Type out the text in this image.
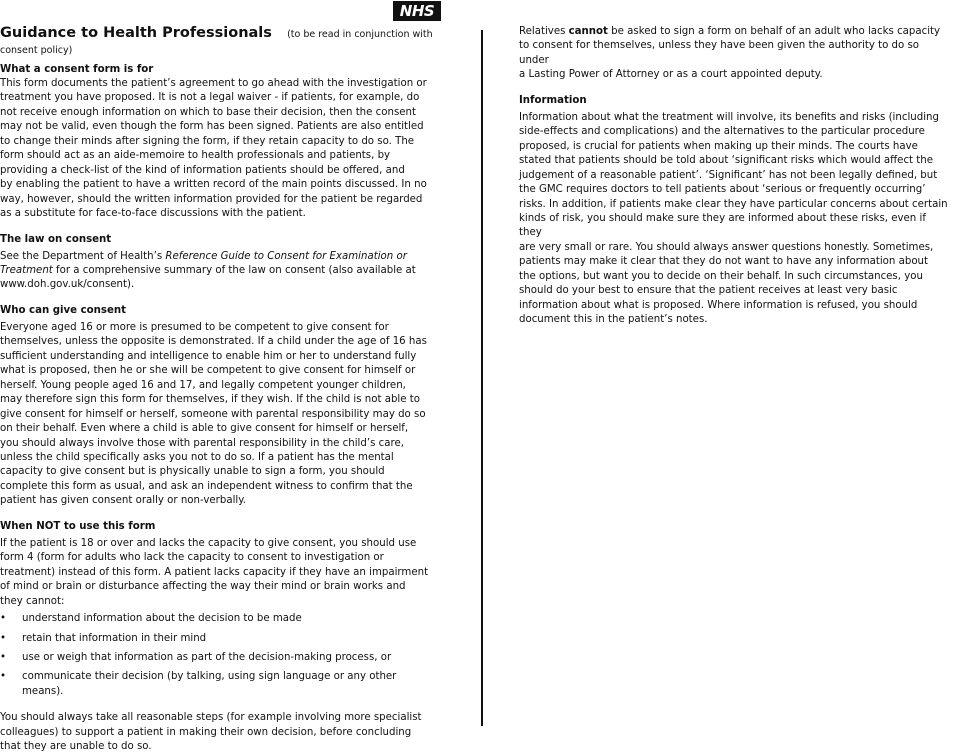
NHS
Guidance to Health Professionals (to be read in conjunction with
consent policy)
What a consent form is for

This form documents the patient’s agreement to go ahead with the investigation or

treatment you have proposed. It is not a legal waiver - if patients, for example, do

not receive enough information on which to base their decision, then the consent

may not be valid, even though the form has been signed. Patients are also entitled

to change their minds after signing the form, if they retain capacity to do so. The

form should act as an aide-memoire to health professionals and patients, by

providing a check-list of the kind of information patients should be offered, and

by enabling the patient to have a written record of the main points discussed. In no

way, however, should the written information provided for the patient be regarded

as a substitute for face-to-face discussions with the patient.

The law on consent

See the Department of Health’s Reference Guide to Consent for Examination or

Treatment for a comprehensive summary of the law on consent (also available at

www.doh.gov.uk/consent).

Who can give consent

Everyone aged 16 or more is presumed to be competent to give consent for

themselves, unless the opposite is demonstrated. If a child under the age of 16 has

sufficient understanding and intelligence to enable him or her to understand fully

what is proposed, then he or she will be competent to give consent for himself or

herself. Young people aged 16 and 17, and legally competent younger children,

may therefore sign this form for themselves, if they wish. If the child is not able to

give consent for himself or herself, someone with parental responsibility may do so

on their behalf. Even where a child is able to give consent for himself or herself,

you should always involve those with parental responsibility in the child’s care,

unless the child specifically asks you not to do so. If a patient has the mental

capacity to give consent but is physically unable to sign a form, you should

complete this form as usual, and ask an independent witness to confirm that the

patient has given consent orally or non-verbally.

When NOT to use this form

If the patient is 18 or over and lacks the capacity to give consent, you should use

form 4 (form for adults who lack the capacity to consent to investigation or

treatment) instead of this form. A patient lacks capacity if they have an impairment

of mind or brain or disturbance affecting the way their mind or brain works and

they cannot:

• understand information about the decision to be made
• retain that information in their mind
• use or weigh that information as part of the decision-making process, or
• communicate their decision (by talking, using sign language or any other
means).

You should always take all reasonable steps (for example involving more specialist

colleagues) to support a patient in making their own decision, before concluding

that they are unable to do so.

Relatives cannot be asked to sign a form on behalf of an adult who lacks capacity

to consent for themselves, unless they have been given the authority to do so under

a Lasting Power of Attorney or as a court appointed deputy.

Information

Information about what the treatment will involve, its benefits and risks (including

side-effects and complications) and the alternatives to the particular procedure

proposed, is crucial for patients when making up their minds. The courts have

stated that patients should be told about ‘significant risks which would affect the

judgement of a reasonable patient’. ‘Significant’ has not been legally defined, but

the GMC requires doctors to tell patients about ‘serious or frequently occurring’

risks. In addition, if patients make clear they have particular concerns about certain

kinds of risk, you should make sure they are informed about these risks, even if they

are very small or rare. You should always answer questions honestly. Sometimes,

patients may make it clear that they do not want to have any information about

the options, but want you to decide on their behalf. In such circumstances, you

should do your best to ensure that the patient receives at least very basic

information about what is proposed. Where information is refused, you should

document this in the patient’s notes.
